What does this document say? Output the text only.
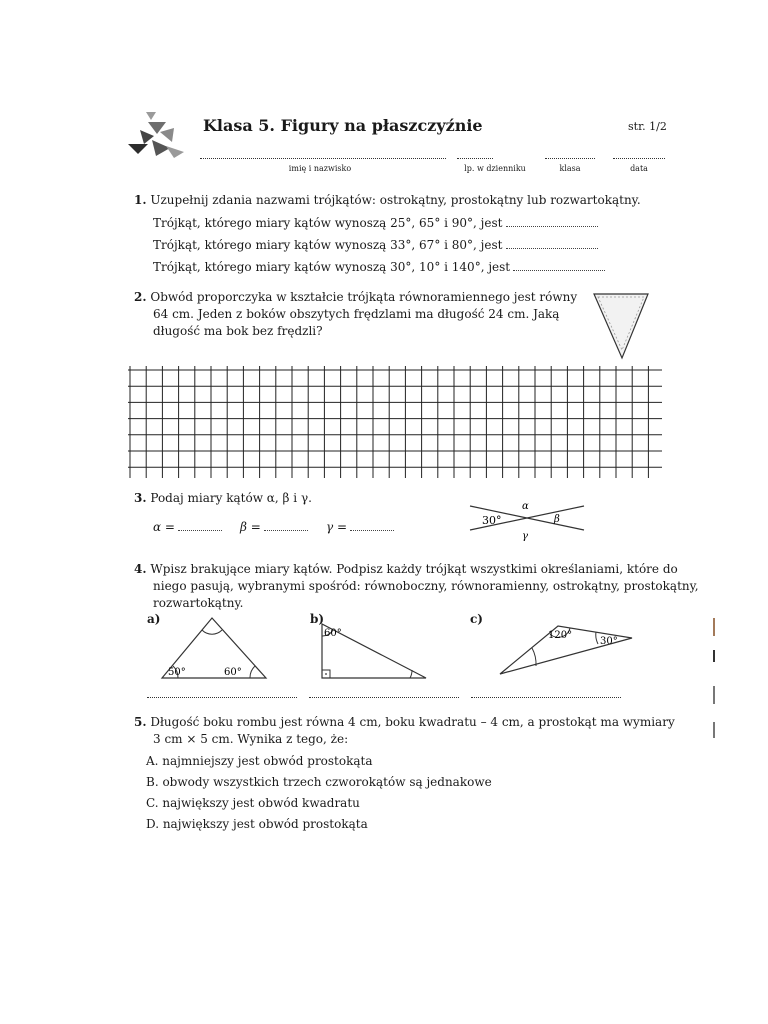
Klasa 5. Figury na płaszczyźnie	str. 1/2
imię i nazwisko	lp. w dzienniku	klasa	data
1. Uzupełnij zdania nazwami trójkątów: ostrokątny, prostokątny lub rozwartokątny.
Trójkąt, którego miary kątów wynoszą 25°, 65° i 90°, jest
Trójkąt, którego miary kątów wynoszą 33°, 67° i 80°, jest
Trójkąt, którego miary kątów wynoszą 30°, 10° i 140°, jest
2. Obwód proporczyka w kształcie trójkąta równoramiennego jest równy
64 cm. Jeden z boków obszytych frędzlami ma długość 24 cm. Jaką
długość ma bok bez frędzli?
3. Podaj miary kątów α, β i γ.
α =	β =	γ =	30°
α
β
γ
4. Wpisz brakujące miary kątów. Podpisz każdy trójkąt wszystkimi określaniami, które do
niego pasują, wybranymi spośród: równoboczny, równoramienny, ostrokątny, prostokątny,
rozwartokątny.
a)	b)	c)
50°	60°
60°	120°
30°
5. Długość boku rombu jest równa 4 cm, boku kwadratu – 4 cm, a prostokąt ma wymiary
3 cm × 5 cm. Wynika z tego, że:
A. najmniejszy jest obwód prostokąta
B. obwody wszystkich trzech czworokątów są jednakowe
C. największy jest obwód kwadratu
D. największy jest obwód prostokąta
